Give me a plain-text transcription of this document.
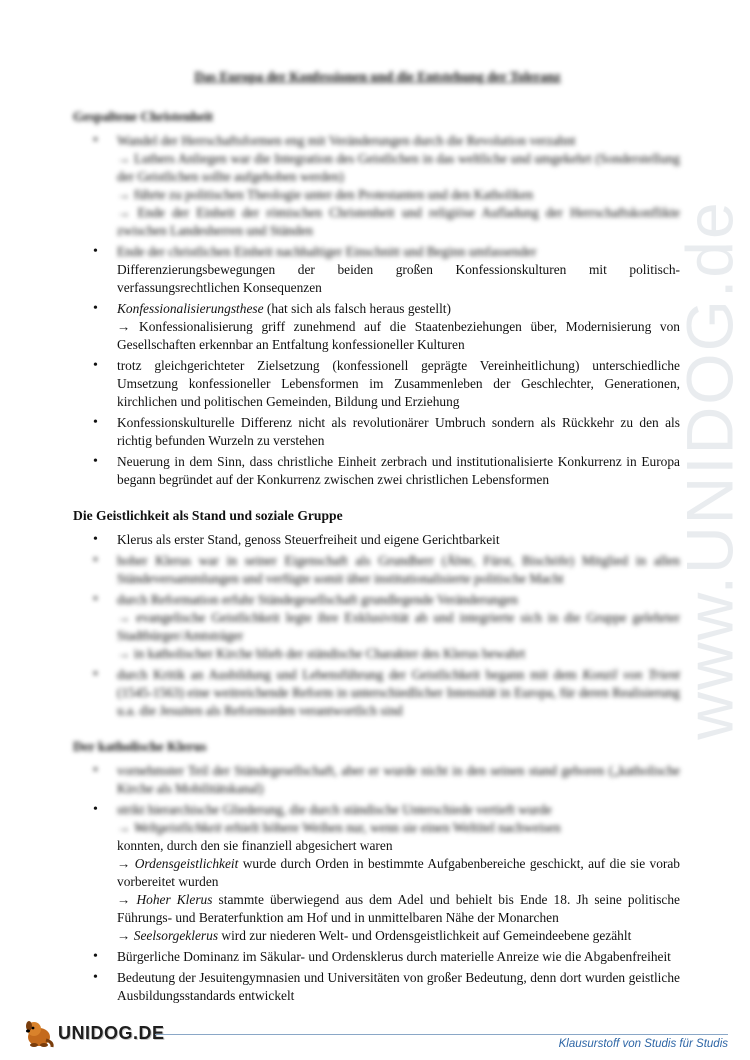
www.UNIDOG.de
Das Europa der Konfessionen und die Entstehung der Toleranz
Gespaltene Christenheit
• Wandel der Herrschaftsformen eng mit Veränderungen durch die Revolution verzahnt
→ Luthers Anliegen war die Integration des Geistlichen in das weltliche und umgekehrt (Sonderstellung der Geistlichen sollte aufgehoben werden)
→ führte zu politischen Theologie unter den Protestanten und den Katholiken
→ Ende der Einheit der römischen Christenheit und religiöse Aufladung der Herrschaftskonflikte zwischen Landesherren und Ständen
• Ende der christlichen Einheit nachhaltiger Einschnitt und Beginn umfassender
Differenzierungsbewegungen der beiden großen Konfessionskulturen mit politisch-verfassungsrechtlichen Konsequenzen
• Konfessionalisierungsthese (hat sich als falsch heraus gestellt)
→ Konfessionalisierung griff zunehmend auf die Staatenbeziehungen über, Modernisierung von Gesellschaften erkennbar an Entfaltung konfessioneller Kulturen
• trotz gleichgerichteter Zielsetzung (konfessionell geprägte Vereinheitlichung) unterschiedliche Umsetzung konfessioneller Lebensformen im Zusammenleben der Geschlechter, Generationen, kirchlichen und politischen Gemeinden, Bildung und Erziehung
• Konfessionskulturelle Differenz nicht als revolutionärer Umbruch sondern als Rückkehr zu den als richtig befunden Wurzeln zu verstehen
• Neuerung in dem Sinn, dass christliche Einheit zerbrach und institutionalisierte Konkurrenz in Europa begann begründet auf der Konkurrenz zwischen zwei christlichen Lebensformen
Die Geistlichkeit als Stand und soziale Gruppe
• Klerus als erster Stand, genoss Steuerfreiheit und eigene Gerichtbarkeit
• hoher Klerus war in seiner Eigenschaft als Grundherr (Äbte, Fürst, Bischöfe) Mitglied in allen Ständeversammlungen und verfügte somit über institutionalisierte politische Macht
• durch Reformation erfuhr Ständegesellschaft grundlegende Veränderungen
→ evangelische Geistlichkeit legte ihre Exklusivität ab und integrierte sich in die Gruppe gelehrter Stadtbürger/Amtsträger
→ in katholischer Kirche blieb der ständische Charakter des Klerus bewahrt
• durch Kritik an Ausbildung und Lebensführung der Geistlichkeit begann mit dem Konzil von Trient (1545-1563) eine weitreichende Reform in unterschiedlicher Intensität in Europa, für deren Realisierung u.a. die Jesuiten als Reformorden verantwortlich sind
Der katholische Klerus
• vornehmster Teil der Ständegesellschaft, aber er wurde nicht in den seinen stand geboren („katholische Kirche als Mobilitätskanal)
• strikt hierarchische Gliederung, die durch ständische Unterschiede vertieft wurde
→ Weltgeistlichkeit erhielt höhere Weihen nur, wenn sie einen Weltitel nachweisen
konnten, durch den sie finanziell abgesichert waren
→ Ordensgeistlichkeit wurde durch Orden in bestimmte Aufgabenbereiche geschickt, auf die sie vorab vorbereitet wurden
→ Hoher Klerus stammte überwiegend aus dem Adel und behielt bis Ende 18. Jh seine politische Führungs- und Beraterfunktion am Hof und in unmittelbaren Nähe der Monarchen
→ Seelsorgeklerus wird zur niederen Welt- und Ordensgeistlichkeit auf Gemeindeebene gezählt
• Bürgerliche Dominanz im Säkular- und Ordensklerus durch materielle Anreize wie die Abgabenfreiheit
• Bedeutung der Jesuitengymnasien und Universitäten von großer Bedeutung, denn dort wurden geistliche Ausbildungsstandards entwickelt
UNIDOG.DE
Klausurstoff von Studis für Studis
